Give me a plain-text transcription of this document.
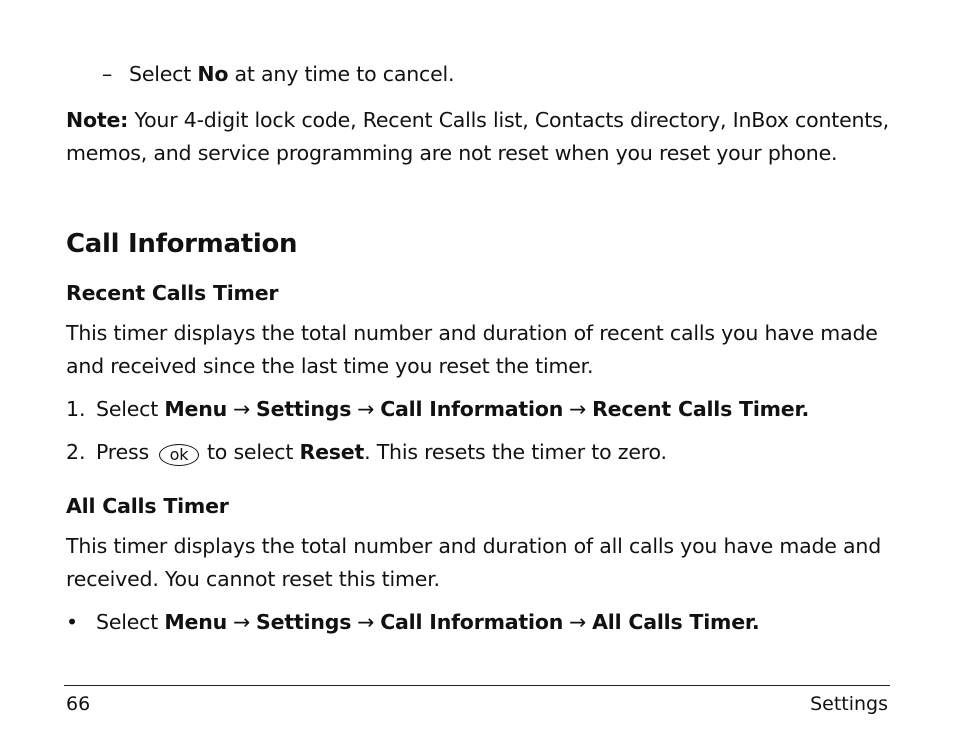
– Select No at any time to cancel.
Note: Your 4-digit lock code, Recent Calls list, Contacts directory, InBox contents, memos, and service programming are not reset when you reset your phone.
Call Information
Recent Calls Timer
This timer displays the total number and duration of recent calls you have made and received since the last time you reset the timer.
1. Select Menu → Settings → Call Information → Recent Calls Timer.
2. Press ok to select Reset. This resets the timer to zero.
All Calls Timer
This timer displays the total number and duration of all calls you have made and received. You cannot reset this timer.
• Select Menu → Settings → Call Information → All Calls Timer.
66	Settings
